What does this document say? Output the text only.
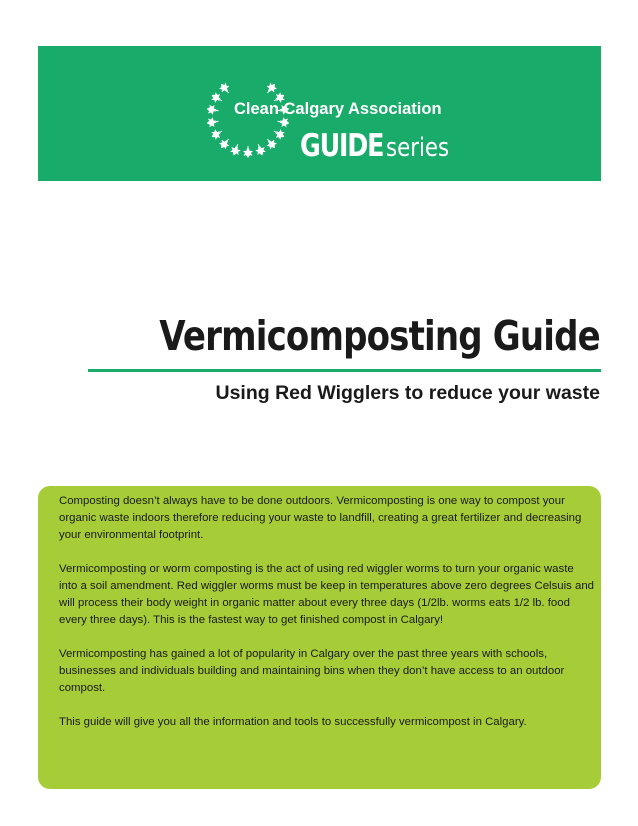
Clean Calgary Association
GUIDEseries
Vermicomposting Guide
Using Red Wigglers to reduce your waste

Composting doesn’t always have to be done outdoors. Vermicomposting is one way to compost your organic waste indoors therefore reducing your waste to landfill, creating a great fertilizer and decreasing your environmental footprint.

Vermicomposting or worm composting is the act of using red wiggler worms to turn your organic waste into a soil amendment. Red wiggler worms must be keep in temperatures above zero degrees Celsuis and will process their body weight in organic matter about every three days (1/2lb. worms eats 1/2 lb. food every three days). This is the fastest way to get finished compost in Calgary!

Vermicomposting has gained a lot of popularity in Calgary over the past three years with schools, businesses and individuals building and maintaining bins when they don’t have access to an outdoor compost.

This guide will give you all the information and tools to successfully vermicompost in Calgary.
